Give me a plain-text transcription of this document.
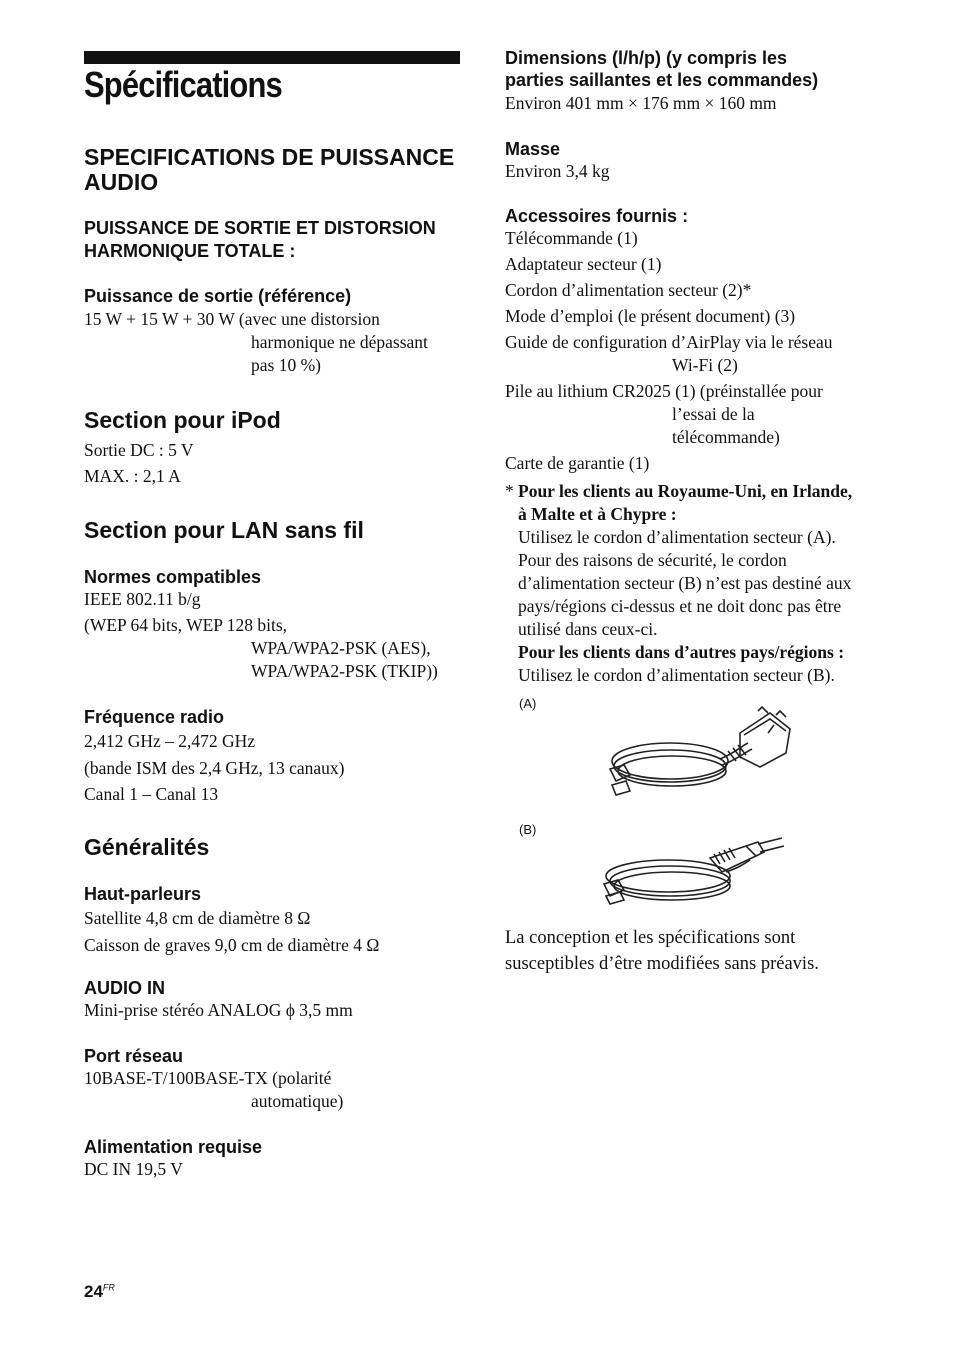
Spécifications
SPECIFICATIONS DE PUISSANCE AUDIO
PUISSANCE DE SORTIE ET DISTORSION HARMONIQUE TOTALE :
Puissance de sortie (référence)
15 W + 15 W + 30 W (avec une distorsion
harmonique ne dépassant
pas 10 %)
Section pour iPod
Sortie DC : 5 V
MAX. : 2,1 A
Section pour LAN sans fil
Normes compatibles
IEEE 802.11 b/g
(WEP 64 bits, WEP 128 bits,
WPA/WPA2-PSK (AES),
WPA/WPA2-PSK (TKIP))
Fréquence radio
2,412 GHz – 2,472 GHz
(bande ISM des 2,4 GHz, 13 canaux)
Canal 1 – Canal 13
Généralités
Haut-parleurs
Satellite 4,8 cm de diamètre 8 Ω
Caisson de graves 9,0 cm de diamètre 4 Ω
AUDIO IN
Mini-prise stéréo ANALOG ϕ 3,5 mm
Port réseau
10BASE-T/100BASE-TX (polarité
automatique)
Alimentation requise
DC IN 19,5 V
Dimensions (l/h/p) (y compris les
parties saillantes et les commandes)
Environ 401 mm × 176 mm × 160 mm
Masse
Environ 3,4 kg
Accessoires fournis :
Télécommande (1)
Adaptateur secteur (1)
Cordon d’alimentation secteur (2)*
Mode d’emploi (le présent document) (3)
Guide de configuration d’AirPlay via le réseau
Wi-Fi (2)
Pile au lithium CR2025 (1) (préinstallée pour
l’essai de la
télécommande)
Carte de garantie (1)
* Pour les clients au Royaume-Uni, en Irlande,
à Malte et à Chypre :
Utilisez le cordon d’alimentation secteur (A).
Pour des raisons de sécurité, le cordon
d’alimentation secteur (B) n’est pas destiné aux
pays/régions ci-dessus et ne doit donc pas être
utilisé dans ceux-ci.
Pour les clients dans d’autres pays/régions :
Utilisez le cordon d’alimentation secteur (B).
(A)
(B)
La conception et les spécifications sont
susceptibles d’être modifiées sans préavis.
$24^{FR}$
